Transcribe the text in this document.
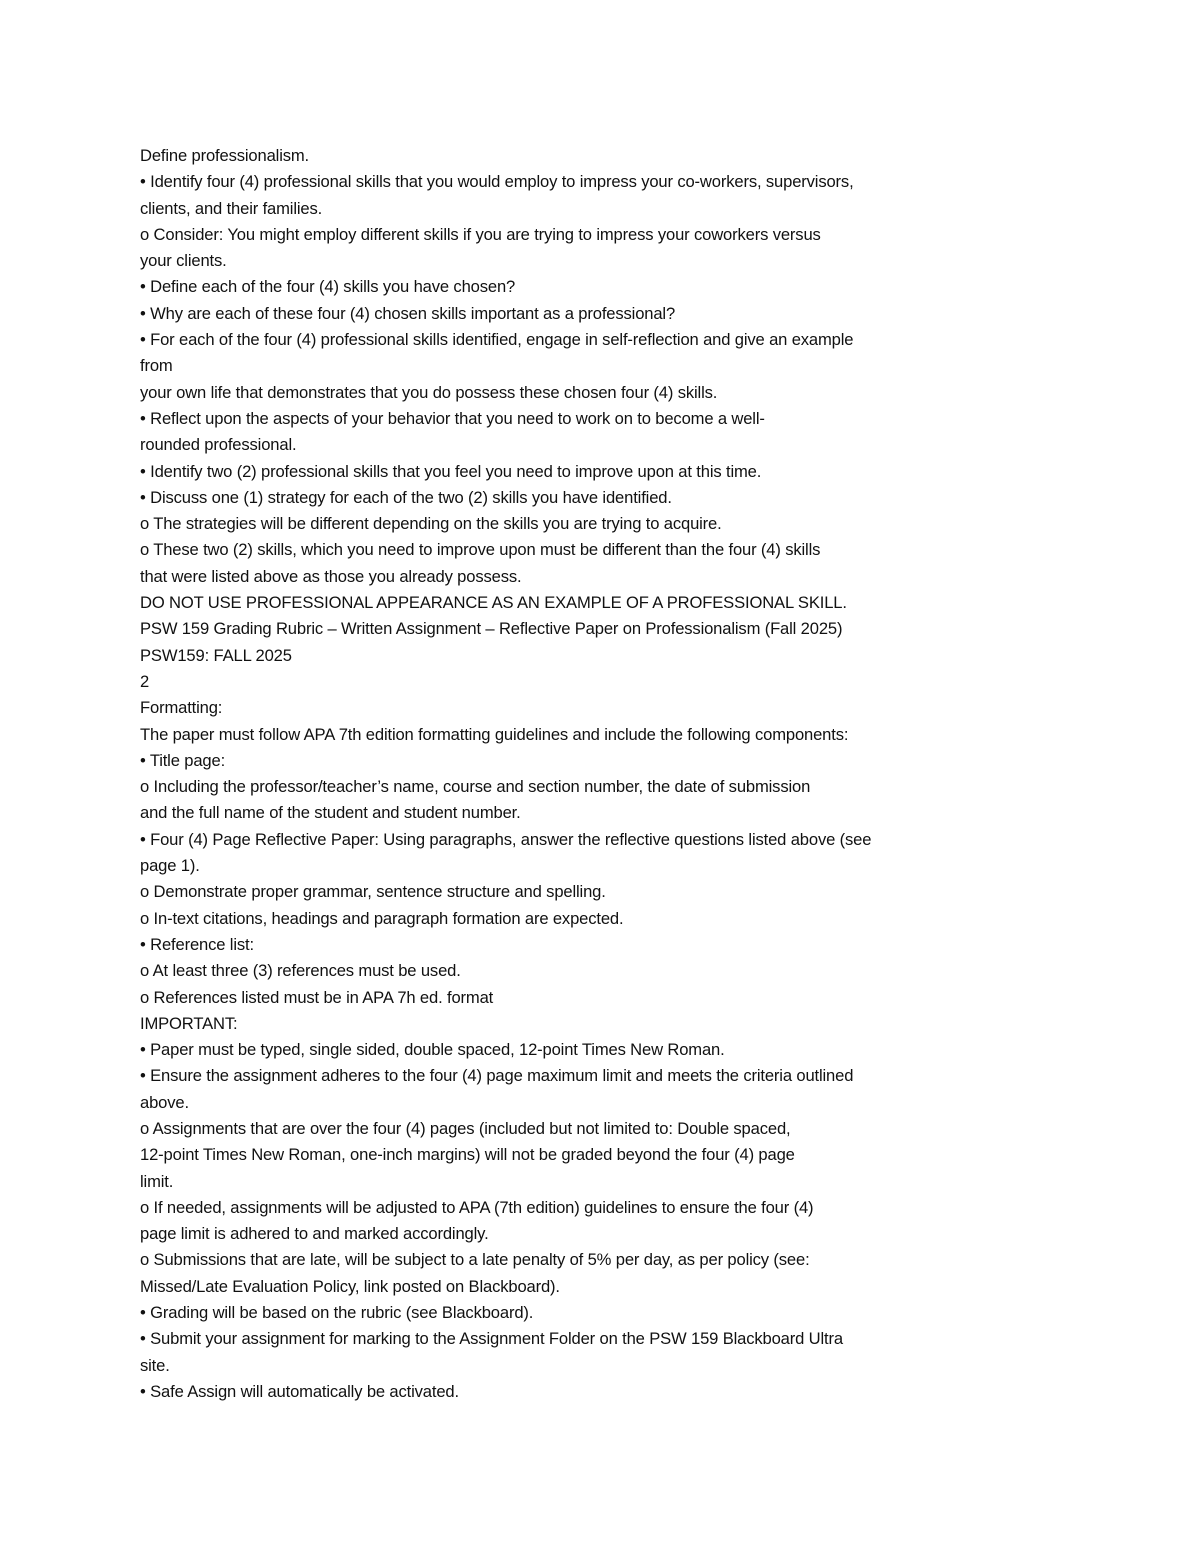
Define professionalism.
• Identify four (4) professional skills that you would employ to impress your co-workers, supervisors,
clients, and their families.
o Consider: You might employ different skills if you are trying to impress your coworkers versus
your clients.
• Define each of the four (4) skills you have chosen?
• Why are each of these four (4) chosen skills important as a professional?
• For each of the four (4) professional skills identified, engage in self-reflection and give an example
from
your own life that demonstrates that you do possess these chosen four (4) skills.
• Reflect upon the aspects of your behavior that you need to work on to become a well-
rounded professional.
• Identify two (2) professional skills that you feel you need to improve upon at this time.
• Discuss one (1) strategy for each of the two (2) skills you have identified.
o The strategies will be different depending on the skills you are trying to acquire.
o These two (2) skills, which you need to improve upon must be different than the four (4) skills
that were listed above as those you already possess.
DO NOT USE PROFESSIONAL APPEARANCE AS AN EXAMPLE OF A PROFESSIONAL SKILL.
PSW 159 Grading Rubric – Written Assignment – Reflective Paper on Professionalism (Fall 2025)
PSW159: FALL 2025
2
Formatting:
The paper must follow APA 7th edition formatting guidelines and include the following components:
• Title page:
o Including the professor/teacher’s name, course and section number, the date of submission
and the full name of the student and student number.
• Four (4) Page Reflective Paper: Using paragraphs, answer the reflective questions listed above (see
page 1).
o Demonstrate proper grammar, sentence structure and spelling.
o In-text citations, headings and paragraph formation are expected.
• Reference list:
o At least three (3) references must be used.
o References listed must be in APA 7h ed. format
IMPORTANT:
• Paper must be typed, single sided, double spaced, 12-point Times New Roman.
• Ensure the assignment adheres to the four (4) page maximum limit and meets the criteria outlined
above.
o Assignments that are over the four (4) pages (included but not limited to: Double spaced,
12-point Times New Roman, one-inch margins) will not be graded beyond the four (4) page
limit.
o If needed, assignments will be adjusted to APA (7th edition) guidelines to ensure the four (4)
page limit is adhered to and marked accordingly.
o Submissions that are late, will be subject to a late penalty of 5% per day, as per policy (see:
Missed/Late Evaluation Policy, link posted on Blackboard).
• Grading will be based on the rubric (see Blackboard).
• Submit your assignment for marking to the Assignment Folder on the PSW 159 Blackboard Ultra
site.
• Safe Assign will automatically be activated.
